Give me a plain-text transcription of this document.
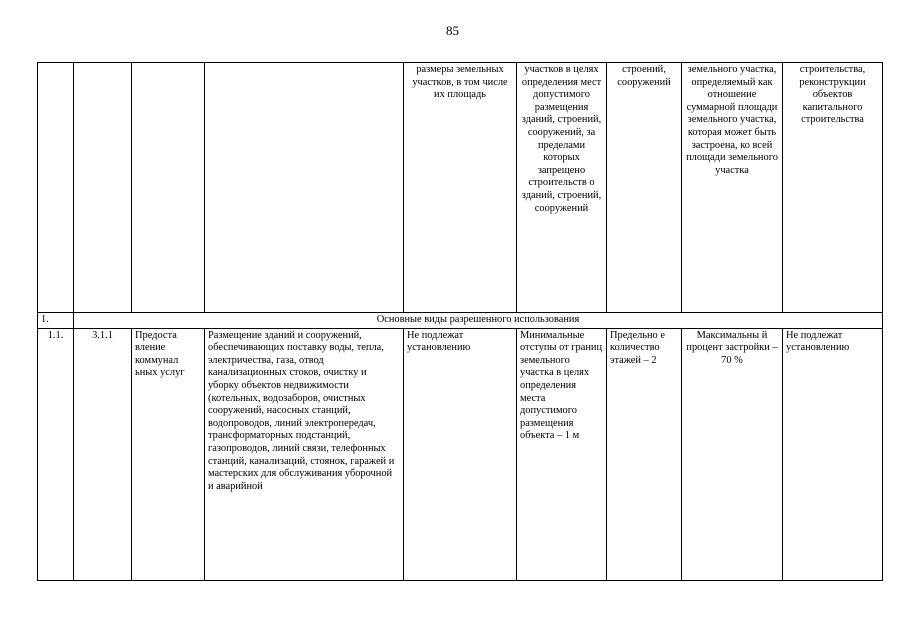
85
				размеры земельных участков, в том числе их площадь	участков в целях определения мест допустимого размещения зданий, строений, сооружений, за пределами которых запрещено строительств о зданий, строений, сооружений	строений, сооружений	земельного участка, определяемый как отношение суммарной площади земельного участка, которая может быть застроена, ко всей площади земельного участка	строительства, реконструкции объектов капитального строительства
1.	Основные виды разрешенного использования							
1.1.	3.1.1	Предоста вление коммунал ьных услуг	Размещение зданий и сооружений, обеспечивающих поставку воды, тепла, электричества, газа, отвод канализационных стоков, очистку и уборку объектов недвижимости (котельных, водозаборов, очистных сооружений, насосных станций, водопроводов, линий электропередач, трансформаторных подстанций, газопроводов, линий связи, телефонных станций, канализаций, стоянок, гаражей и мастерских для обслуживания уборочной и аварийной	Не подлежат установлению	Минимальные отступы от границ земельного участка в целях определения места допустимого размещения объекта – 1 м	Предельно е количество этажей – 2	Максимальны й процент застройки – 70 %	Не подлежат установлению
